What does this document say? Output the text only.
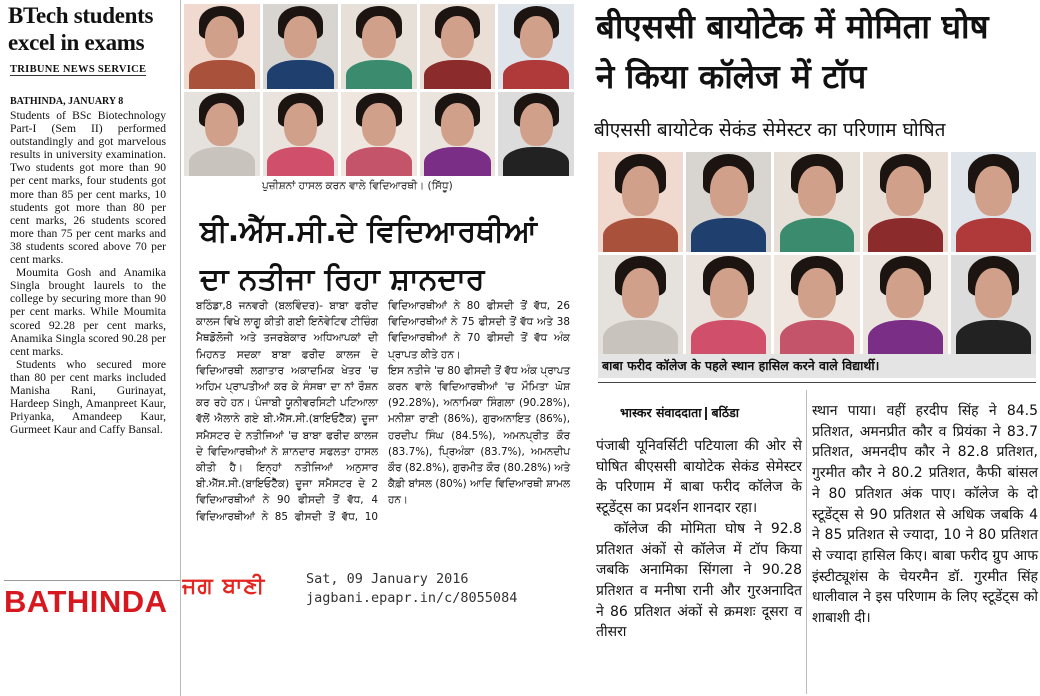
BTech students excel in exams
TRIBUNE NEWS SERVICE
BATHINDA, JANUARY 8

Students of BSc Biotechnology Part-I (Sem II) performed outstandingly and got marvelous results in university examination. Two students got more than 90 per cent marks, four students got more than 85 per cent marks, 10 students got more than 80 per cent marks, 26 students scored more than 75 per cent marks and 38 students scored above 70 per cent marks.

Moumita Gosh and Anamika Singla brought laurels to the college by securing more than 90 per cent marks. While Moumita scored 92.28 per cent marks, Anamika Singla scored 90.28 per cent marks.

Students who secured more than 80 per cent marks included Manisha Rani, Gurinayat, Hardeep Singh, Amanpreet Kaur, Priyanka, Amandeep Kaur, Gurmeet Kaur and Caffy Bansal.

BATHINDA
ਪੁਜ਼ੀਸ਼ਨਾਂ ਹਾਸਲ ਕਰਨ ਵਾਲੇ ਵਿਦਿਆਰਥੀ। (ਸਿੱਧੂ)
ਬੀ.ਐੱਸ.ਸੀ.ਦੇ ਵਿਦਿਆਰਥੀਆਂ
ਦਾ ਨਤੀਜਾ ਰਿਹਾ ਸ਼ਾਨਦਾਰ

ਬਠਿੰਡਾ,8 ਜਨਵਰੀ (ਬਲਵਿੰਦਰ)- ਬਾਬਾ ਫਰੀਦ ਕਾਲਜ ਵਿਖੇ ਲਾਗੂ ਕੀਤੀ ਗਈ ਇਨੋਵੇਟਿਵ ਟੀਚਿੰਗ ਮੈਥਡੋਲੋਜੀ ਅਤੇ ਤਜਰਬੇਕਾਰ ਅਧਿਆਪਕਾਂ ਦੀ ਮਿਹਨਤ ਸਦਕਾ ਬਾਬਾ ਫਰੀਦ ਕਾਲਜ ਦੇ ਵਿਦਿਆਰਥੀ ਲਗਾਤਾਰ ਅਕਾਦਮਿਕ ਖੇਤਰ 'ਚ ਅਹਿਮ ਪ੍ਰਾਪਤੀਆਂ ਕਰ ਕੇ ਸੰਸਥਾ ਦਾ ਨਾਂ ਰੌਸ਼ਨ ਕਰ ਰਹੇ ਹਨ। ਪੰਜਾਬੀ ਯੂਨੀਵਰਸਿਟੀ ਪਟਿਆਲਾ ਵੱਲੋਂ ਐਲਾਨੇ ਗਏ ਬੀ.ਐੱਸ.ਸੀ.(ਬਾਇਓਟੈੱਕ) ਦੂਜਾ ਸਮੈਸਟਰ ਦੇ ਨਤੀਜਿਆਂ 'ਚ ਬਾਬਾ ਫਰੀਦ ਕਾਲਜ ਦੇ ਵਿਦਿਆਰਥੀਆਂ ਨੇ ਸ਼ਾਨਦਾਰ ਸਫਲਤਾ ਹਾਸਲ ਕੀਤੀ ਹੈ। ਇਨ੍ਹਾਂ ਨਤੀਜਿਆਂ ਅਨੁਸਾਰ ਬੀ.ਐੱਸ.ਸੀ.(ਬਾਇਓਟੈੱਕ) ਦੂਜਾ ਸਮੈਸਟਰ ਦੇ 2 ਵਿਦਿਆਰਥੀਆਂ ਨੇ 90 ਫੀਸਦੀ ਤੋਂ ਵੱਧ, 4 ਵਿਦਿਆਰਥੀਆਂ ਨੇ 85 ਫੀਸਦੀ ਤੋਂ ਵੱਧ, 10 ਵਿਦਿਆਰਥੀਆਂ ਨੇ 80 ਫੀਸਦੀ ਤੋਂ ਵੱਧ, 26 ਵਿਦਿਆਰਥੀਆਂ ਨੇ 75 ਫੀਸਦੀ ਤੋਂ ਵੱਧ ਅਤੇ 38 ਵਿਦਿਆਰਥੀਆਂ ਨੇ 70 ਫੀਸਦੀ ਤੋਂ ਵੱਧ ਅੰਕ ਪ੍ਰਾਪਤ ਕੀਤੇ ਹਨ।

ਇਸ ਨਤੀਜੇ 'ਚ 80 ਫੀਸਦੀ ਤੋਂ ਵੱਧ ਅੰਕ ਪ੍ਰਾਪਤ ਕਰਨ ਵਾਲੇ ਵਿਦਿਆਰਥੀਆਂ 'ਚ ਮੌਮਿਤਾ ਘੋਸ਼ (92.28%), ਅਨਾਮਿਕਾ ਸਿੰਗਲਾ (90.28%), ਮਨੀਸ਼ਾ ਰਾਣੀ (86%), ਗੁਰਅਨਾਇਤ (86%), ਹਰਦੀਪ ਸਿੰਘ (84.5%), ਅਮਨਪ੍ਰੀਤ ਕੌਰ (83.7%), ਪ੍ਰਿਅੰਕਾ (83.7%), ਅਮਨਦੀਪ ਕੌਰ (82.8%), ਗੁਰਮੀਤ ਕੌਰ (80.28%) ਅਤੇ ਕੈਫ਼ੀ ਬਾਂਸਲ (80%) ਆਦਿ ਵਿਦਿਆਰਥੀ ਸ਼ਾਮਲ ਹਨ।

ਜਗ ਬਾਣੀ	Sat, 09 January 2016
jagbani.epapr.in/c/8055084
बीएससी बायोटेक में मोमिता घोष
ने किया कॉलेज में टॉप
बीएससी बायोटेक सेकंड सेमेस्टर का परिणाम घोषित
बाबा फरीद कॉलेज के पहले स्थान हासिल करने वाले विद्यार्थी।
भास्कर संवाददाता बठिंडा

पंजाबी यूनिवर्सिटी पटियाला की ओर से घोषित बीएससी बायोटेक सेकंड सेमेस्टर के परिणाम में बाबा फरीद कॉलेज के स्टूडेंट्स का प्रदर्शन शानदार रहा।

कॉलेज की मोमिता घोष ने 92.8 प्रतिशत अंकों से कॉलेज में टॉप किया जबकि अनामिका सिंगला ने 90.28 प्रतिशत व मनीषा रानी और गुरअनादित ने 86 प्रतिशत अंकों से क्रमशः दूसरा व तीसरा

स्थान पाया। वहीं हरदीप सिंह ने 84.5 प्रतिशत, अमनप्रीत कौर व प्रियंका ने 83.7 प्रतिशत, अमनदीप कौर ने 82.8 प्रतिशत, गुरमीत कौर ने 80.2 प्रतिशत, कैफी बांसल ने 80 प्रतिशत अंक पाए। कॉलेज के दो स्टूडेंट्स से 90 प्रतिशत से अधिक जबकि 4 ने 85 प्रतिशत से ज्यादा, 10 ने 80 प्रतिशत से ज्यादा हासिल किए। बाबा फरीद ग्रुप आफ इंस्टीट्यूशंस के चेयरमैन डॉ. गुरमीत सिंह धालीवाल ने इस परिणाम के लिए स्टूडेंट्स को शाबाशी दी।
